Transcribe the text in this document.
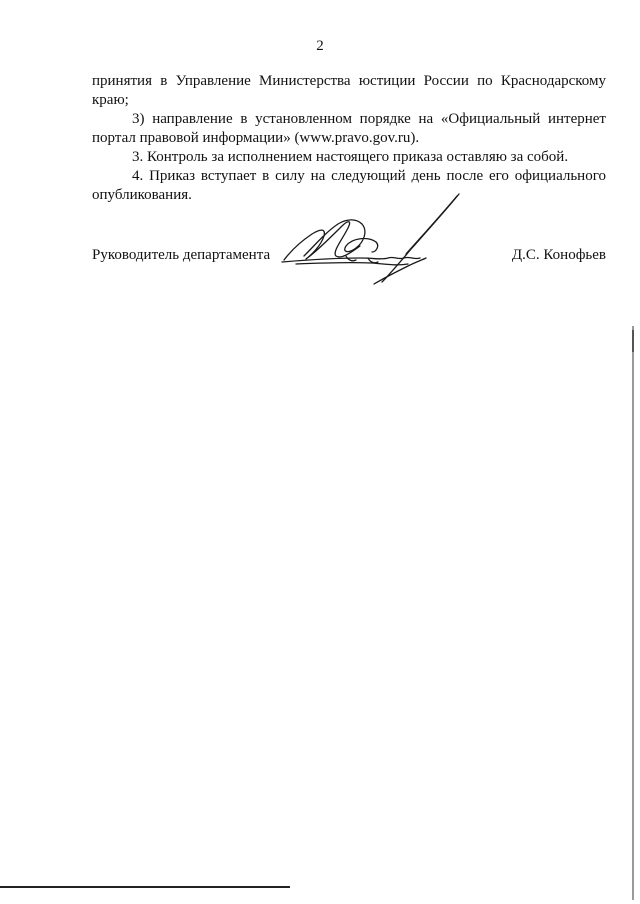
2

принятия в Управление Министерства юстиции России по Краснодарскому краю;

3) направление в установленном порядке на «Официальный интернет портал правовой информации» (www.pravo.gov.ru).

3. Контроль за исполнением настоящего приказа оставляю за собой.

4. Приказ вступает в силу на следующий день после его официального опубликования.

Руководитель департамента	Д.С. Конофьев
